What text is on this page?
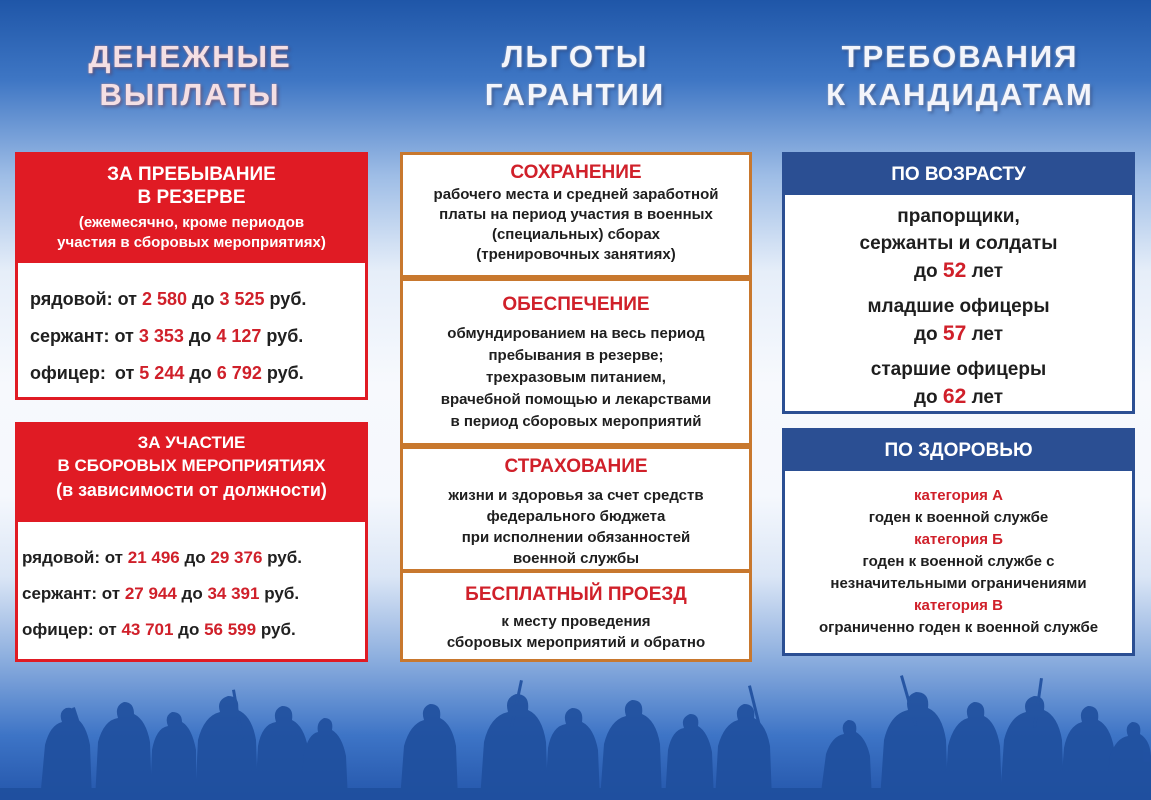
ДЕНЕЖНЫЕ
ВЫПЛАТЫ
ЛЬГОТЫ
ГАРАНТИИ
ТРЕБОВАНИЯ
К КАНДИДАТАМ
ЗА ПРЕБЫВАНИЕ
В РЕЗЕРВЕ
(ежемесячно, кроме периодов
участия в сборовых мероприятиях)
рядовой: от 2 580 до 3 525 руб.
сержант: от 3 353 до 4 127 руб.
офицер: от 5 244 до 6 792 руб.
ЗА УЧАСТИЕ
В СБОРОВЫХ МЕРОПРИЯТИЯХ
(в зависимости от должности)
рядовой: от 21 496 до 29 376 руб.
сержант: от 27 944 до 34 391 руб.
офицер: от 43 701 до 56 599 руб.
СОХРАНЕНИЕ
рабочего места и средней заработной
платы на период участия в военных
(специальных) сборах
(тренировочных занятиях)
ОБЕСПЕЧЕНИЕ
обмундированием на весь период
пребывания в резерве;
трехразовым питанием,
врачебной помощью и лекарствами
в период сборовых мероприятий
СТРАХОВАНИЕ
жизни и здоровья за счет средств
федерального бюджета
при исполнении обязанностей
военной службы
БЕСПЛАТНЫЙ ПРОЕЗД
к месту проведения
сборовых мероприятий и обратно
ПО ВОЗРАСТУ
прапорщики,
сержанты и солдаты
до 52 лет
младшие офицеры
до 57 лет
старшие офицеры
до 62 лет
ПО ЗДОРОВЬЮ
категория А
годен к военной службе
категория Б
годен к военной службе с
незначительными ограничениями
категория В
ограниченно годен к военной службе
